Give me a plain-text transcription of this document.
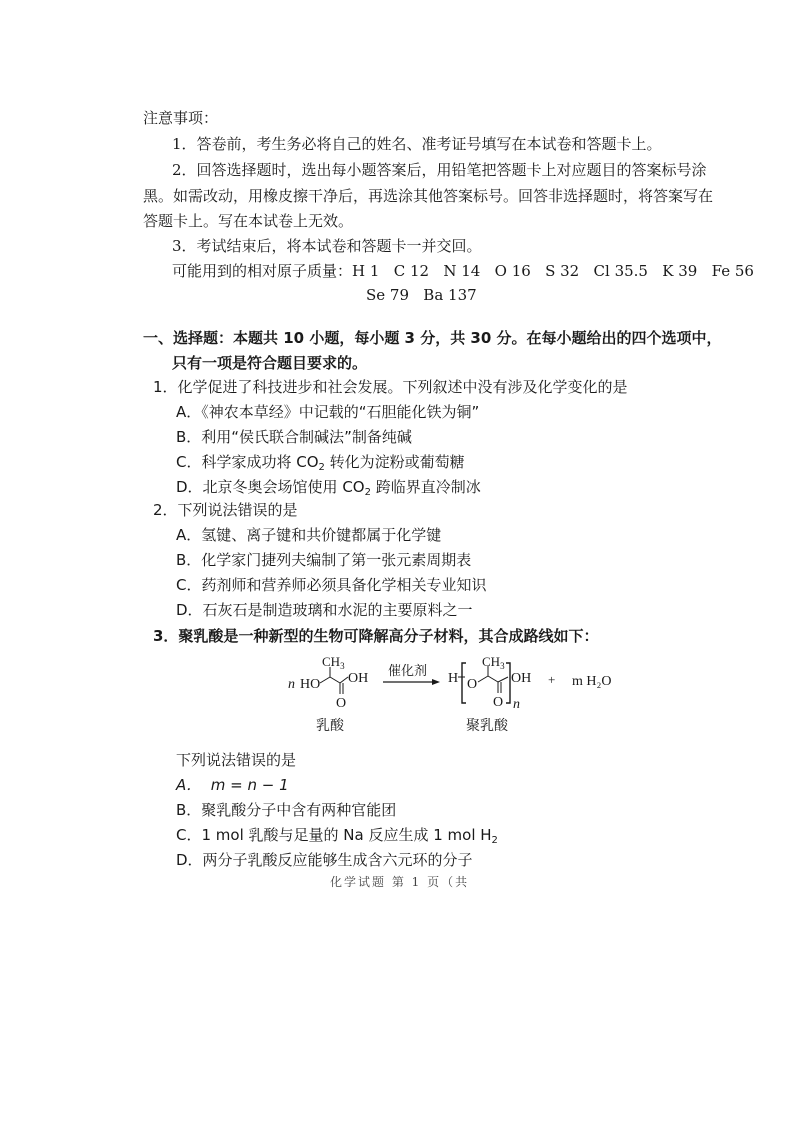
注意事项：
1．答卷前，考生务必将自己的姓名、准考证号填写在本试卷和答题卡上。
2．回答选择题时，选出每小题答案后，用铅笔把答题卡上对应题目的答案标号涂
黑。如需改动，用橡皮擦干净后，再选涂其他答案标号。回答非选择题时，将答案写在
答题卡上。写在本试卷上无效。
3．考试结束后，将本试卷和答题卡一并交回。
可能用到的相对原子质量：H 1   C 12   N 14   O 16   S 32   Cl 35.5   K 39   Fe 56
Se 79   Ba 137
一、选择题：本题共 10 小题，每小题 3 分，共 30 分。在每小题给出的四个选项中，
只有一项是符合题目要求的。
1．化学促进了科技进步和社会发展。下列叙述中没有涉及化学变化的是
A．《神农本草经》中记载的“石胆能化铁为铜”
B．利用“侯氏联合制碱法”制备纯碱
C．科学家成功将 $CO_2$ 转化为淀粉或葡萄糖
D．北京冬奥会场馆使用 $CO_2$ 跨临界直冷制冰
2．下列说法错误的是
A．氢键、离子键和共价键都属于化学键
B．化学家门捷列夫编制了第一张元素周期表
C．药剂师和营养师必须具备化学相关专业知识
D．石灰石是制造玻璃和水泥的主要原料之一
3．聚乳酸是一种新型的生物可降解高分子材料，其合成路线如下：
n HO
$CH_3$
OH
O
乳酸
催化剂
H O
$CH_3$
OH
O n
聚乳酸
+ m H₂O
下列说法错误的是
A．  m = n − 1
B．聚乳酸分子中含有两种官能团
C．1 mol 乳酸与足量的 Na 反应生成 1 mol $H_2$
D．两分子乳酸反应能够生成含六元环的分子
化学试题 第 1 页（共
